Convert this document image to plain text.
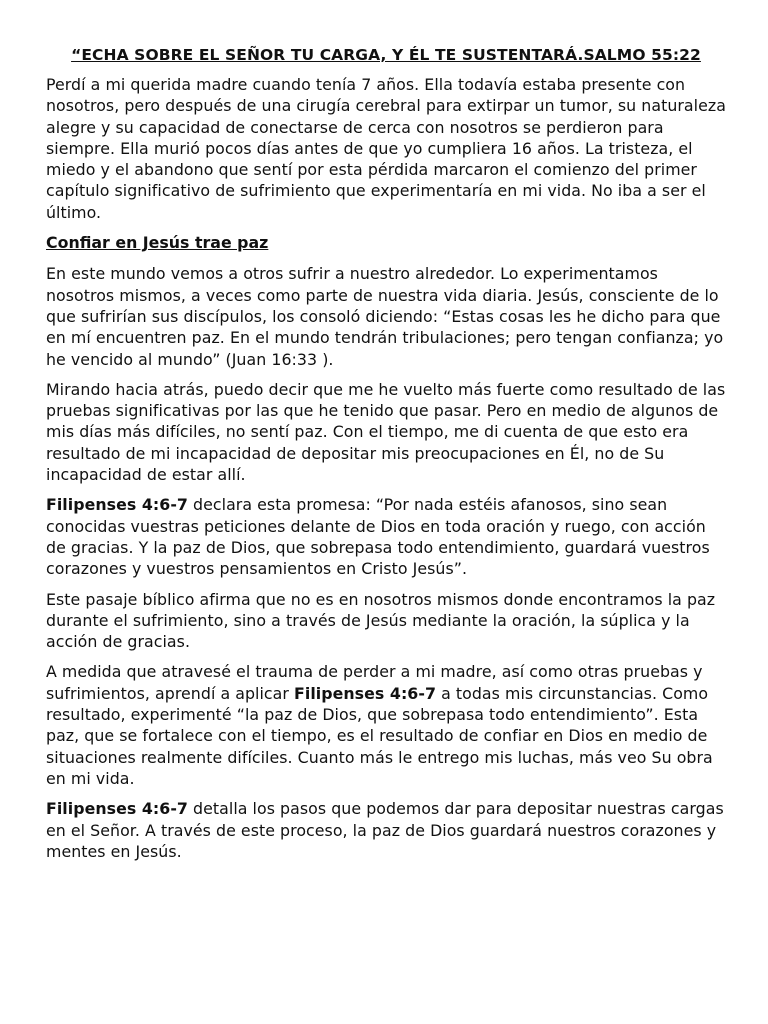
“ECHA SOBRE EL SEÑOR TU CARGA, Y ÉL TE SUSTENTARÁ.SALMO 55:22

Perdí a mi querida madre cuando tenía 7 años. Ella todavía estaba presente con nosotros, pero después de una cirugía cerebral para extirpar un tumor, su naturaleza alegre y su capacidad de conectarse de cerca con nosotros se perdieron para siempre. Ella murió pocos días antes de que yo cumpliera 16 años. La tristeza, el miedo y el abandono que sentí por esta pérdida marcaron el comienzo del primer capítulo significativo de sufrimiento que experimentaría en mi vida. No iba a ser el último.

Confiar en Jesús trae paz

En este mundo vemos a otros sufrir a nuestro alrededor. Lo experimentamos nosotros mismos, a veces como parte de nuestra vida diaria. Jesús, consciente de lo que sufrirían sus discípulos, los consoló diciendo: “Estas cosas les he dicho para que en mí encuentren paz. En el mundo tendrán tribulaciones; pero tengan confianza; yo he vencido al mundo” (Juan 16:33 ).

Mirando hacia atrás, puedo decir que me he vuelto más fuerte como resultado de las pruebas significativas por las que he tenido que pasar. Pero en medio de algunos de mis días más difíciles, no sentí paz. Con el tiempo, me di cuenta de que esto era resultado de mi incapacidad de depositar mis preocupaciones en Él, no de Su incapacidad de estar allí.

Filipenses 4:6-7 declara esta promesa: “Por nada estéis afanosos, sino sean conocidas vuestras peticiones delante de Dios en toda oración y ruego, con acción de gracias. Y la paz de Dios, que sobrepasa todo entendimiento, guardará vuestros corazones y vuestros pensamientos en Cristo Jesús”.

Este pasaje bíblico afirma que no es en nosotros mismos donde encontramos la paz durante el sufrimiento, sino a través de Jesús mediante la oración, la súplica y la acción de gracias.

A medida que atravesé el trauma de perder a mi madre, así como otras pruebas y sufrimientos, aprendí a aplicar Filipenses 4:6-7 a todas mis circunstancias. Como resultado, experimenté “la paz de Dios, que sobrepasa todo entendimiento”. Esta paz, que se fortalece con el tiempo, es el resultado de confiar en Dios en medio de situaciones realmente difíciles. Cuanto más le entrego mis luchas, más veo Su obra en mi vida.

Filipenses 4:6-7 detalla los pasos que podemos dar para depositar nuestras cargas en el Señor. A través de este proceso, la paz de Dios guardará nuestros corazones y mentes en Jesús.
